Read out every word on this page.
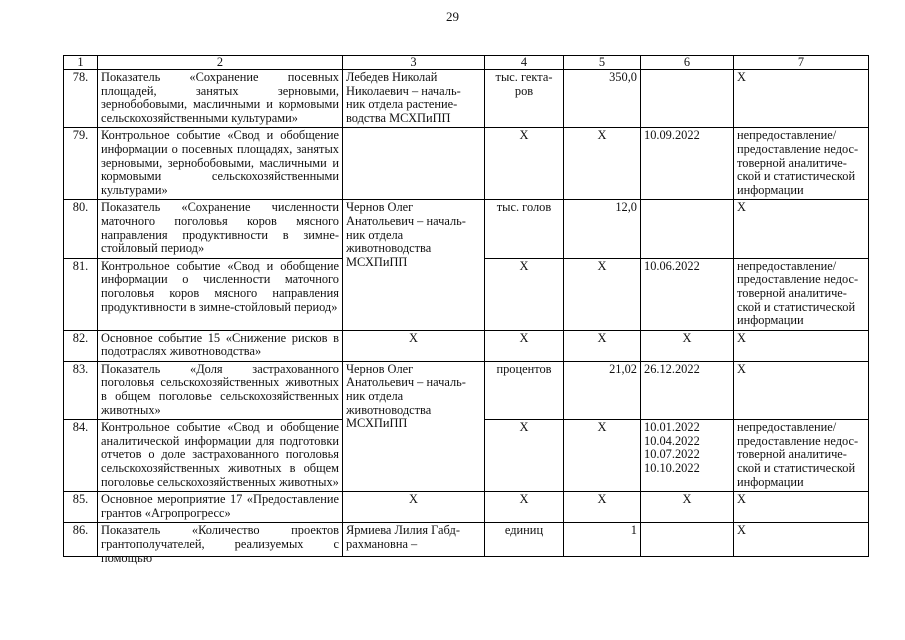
29
1	2	3	4	5	6	7
78.	Показатель «Сохранение посевных площадей, занятых зерновыми, зернобобовыми, масличными и кормовыми сельскохозяйственными культурами»	Лебедев Николай
Николаевич – началь-
ник отдела растение-
водства МСХПиПП	тыс. гекта-
ров	350,0		X
79.	Контрольное событие «Свод и обобщение информации о посевных площадях, занятых зерновыми, зернобобовыми, масличными и кормовыми сельскохозяйственными культурами»		X	X	10.09.2022	непредоставление/
предоставление недос-
товерной аналитиче-
ской и статистической
информации

80.	Показатель «Сохранение численности маточного поголовья коров мясного направления продуктивности в зимне-стойловый период»	Чернов Олег
Анатольевич – началь-
ник отдела
животноводства
МСХПиПП	тыс. голов	12,0		X
81.	Контрольное событие «Свод и обобщение информации о численности маточного поголовья коров мясного направления продуктивности в зимне-стойловый период»		X	X	10.06.2022	непредоставление/
предоставление недос-
товерной аналитиче-
ской и статистической
информации

82.	Основное событие 15 «Снижение рисков в подотраслях животноводства»	X	X	X	X	X
83.	Показатель «Доля застрахованного поголовья сельскохозяйственных животных в общем поголовье сельскохозяйственных животных»	Чернов Олег
Анатольевич – началь-
ник отдела
животноводства
МСХПиПП	процентов	21,02	26.12.2022	X
84.	Контрольное событие «Свод и обобщение аналитической информации для подготовки отчетов о доле застрахованного поголовья сельскохозяйственных животных в общем поголовье сельскохозяйственных животных»		X	X	10.01.2022
10.04.2022
10.07.2022
10.10.2022	непредоставление/
предоставление недос-
товерной аналитиче-
ской и статистической
информации

85.	Основное мероприятие 17 «Предоставление грантов «Агропрогресс»	X	X	X	X	X

86.	Показатель «Количество проектов грантополучателей, реализуемых с помощью	Ярмиева Лилия Габд-
рахмановна –	единиц	1		X
